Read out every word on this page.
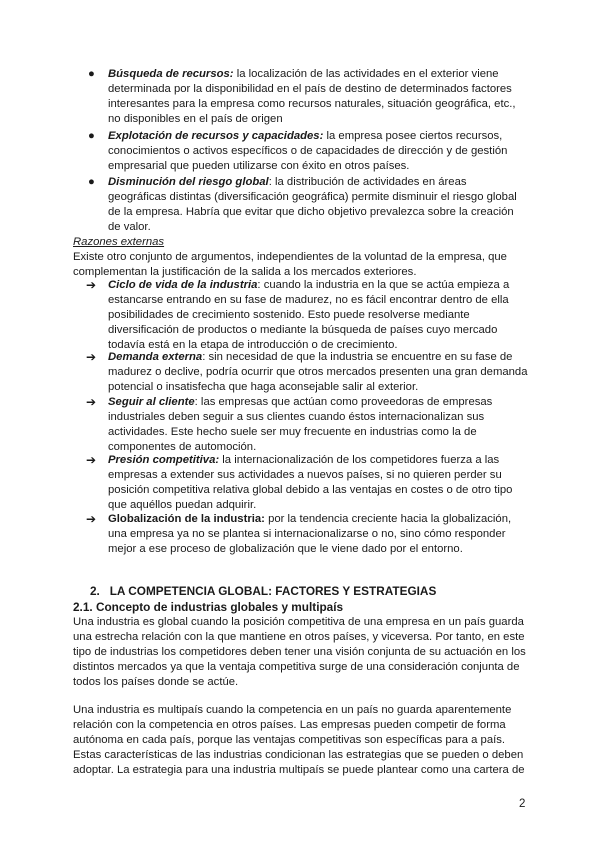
● Búsqueda de recursos: la localización de las actividades en el exterior viene determinada por la disponibilidad en el país de destino de determinados factores interesantes para la empresa como recursos naturales, situación geográfica, etc., no disponibles en el país de origen
● Explotación de recursos y capacidades: la empresa posee ciertos recursos, conocimientos o activos específicos o de capacidades de dirección y de gestión empresarial que pueden utilizarse con éxito en otros países.
● Disminución del riesgo global: la distribución de actividades en áreas geográficas distintas (diversificación geográfica) permite disminuir el riesgo global de la empresa. Habría que evitar que dicho objetivo prevalezca sobre la creación de valor.
Razones externas
Existe otro conjunto de argumentos, independientes de la voluntad de la empresa, que complementan la justificación de la salida a los mercados exteriores.
➔ Ciclo de vida de la industria: cuando la industria en la que se actúa empieza a estancarse entrando en su fase de madurez, no es fácil encontrar dentro de ella posibilidades de crecimiento sostenido. Esto puede resolverse mediante diversificación de productos o mediante la búsqueda de países cuyo mercado todavía está en la etapa de introducción o de crecimiento.
➔ Demanda externa: sin necesidad de que la industria se encuentre en su fase de madurez o declive, podría ocurrir que otros mercados presenten una gran demanda potencial o insatisfecha que haga aconsejable salir al exterior.
➔ Seguir al cliente: las empresas que actúan como proveedoras de empresas industriales deben seguir a sus clientes cuando éstos internacionalizan sus actividades. Este hecho suele ser muy frecuente en industrias como la de componentes de automoción.
➔ Presión competitiva: la internacionalización de los competidores fuerza a las empresas a extender sus actividades a nuevos países, si no quieren perder su posición competitiva relativa global debido a las ventajas en costes o de otro tipo que aquéllos puedan adquirir.
➔ Globalización de la industria: por la tendencia creciente hacia la globalización, una empresa ya no se plantea si internacionalizarse o no, sino cómo responder mejor a ese proceso de globalización que le viene dado por el entorno.
2. LA COMPETENCIA GLOBAL: FACTORES Y ESTRATEGIAS
2.1. Concepto de industrias globales y multipaís
Una industria es global cuando la posición competitiva de una empresa en un país guarda una estrecha relación con la que mantiene en otros países, y viceversa. Por tanto, en este tipo de industrias los competidores deben tener una visión conjunta de su actuación en los distintos mercados ya que la ventaja competitiva surge de una consideración conjunta de todos los países donde se actúe.
Una industria es multipaís cuando la competencia en un país no guarda aparentemente relación con la competencia en otros países. Las empresas pueden competir de forma autónoma en cada país, porque las ventajas competitivas son específicas para a país. Estas características de las industrias condicionan las estrategias que se pueden o deben adoptar. La estrategia para una industria multipaís se puede plantear como una cartera de
2
